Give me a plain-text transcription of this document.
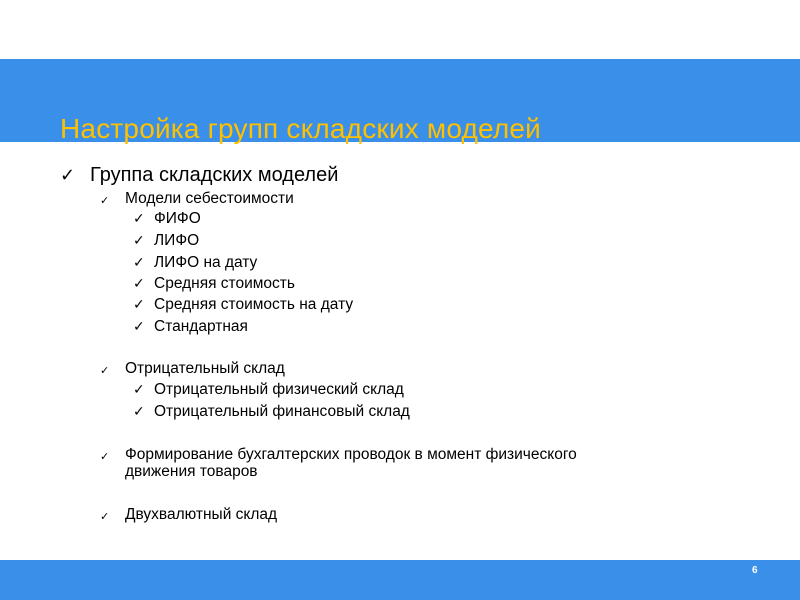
Настройка групп складских моделей
✓ Группа складских моделей
✓ Модели себестоимости
✓ ФИФО
✓ ЛИФО
✓ ЛИФО на дату
✓ Средняя стоимость
✓ Средняя стоимость на дату
✓ Стандартная
✓ Отрицательный склад
✓ Отрицательный физический склад
✓ Отрицательный финансовый склад
✓ Формирование бухгалтерских проводок в момент физического
движения товаров
✓ Двухвалютный склад
6
